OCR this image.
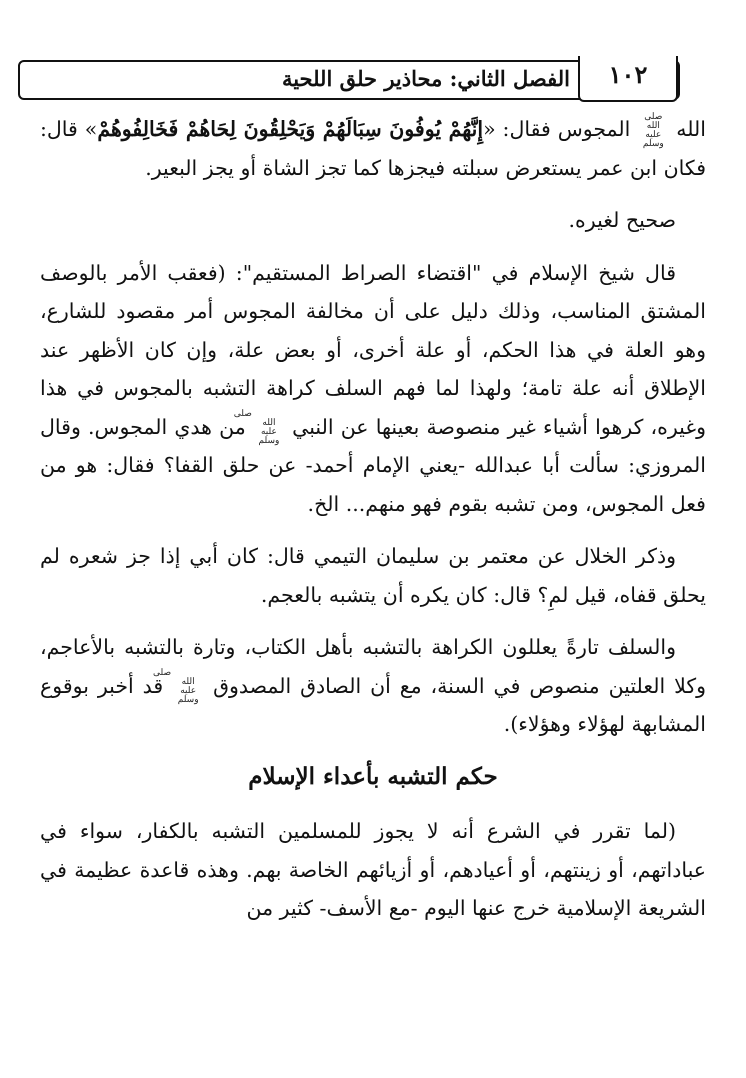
١٠٢
الفصل الثاني: محاذير حلق اللحية

الله صلى الله عليه وسلم المجوس فقال: «إِنَّهُمْ يُوفُونَ سِبَالَهُمْ وَيَحْلِقُونَ لِحَاهُمْ فَخَالِفُوهُمْ» قال: فكان ابن عمر يستعرض سبلته فيجزها كما تجز الشاة أو يجز البعير.

صحيح لغيره.

قال شيخ الإسلام في "اقتضاء الصراط المستقيم": (فعقب الأمر بالوصف المشتق المناسب، وذلك دليل على أن مخالفة المجوس أمر مقصود للشارع، وهو العلة في هذا الحكم، أو علة أخرى، أو بعض علة، وإن كان الأظهر عند الإطلاق أنه علة تامة؛ ولهذا لما فهم السلف كراهة التشبه بالمجوس في هذا وغيره، كرهوا أشياء غير منصوصة بعينها عن النبي صلى الله عليه وسلم من هدي المجوس. وقال المروزي: سألت أبا عبدالله -يعني الإمام أحمد- عن حلق القفا؟ فقال: هو من فعل المجوس، ومن تشبه بقوم فهو منهم... الخ.

وذكر الخلال عن معتمر بن سليمان التيمي قال: كان أبي إذا جز شعره لم يحلق قفاه، قيل لمِ؟ قال: كان يكره أن يتشبه بالعجم.

والسلف تارةً يعللون الكراهة بالتشبه بأهل الكتاب، وتارة بالتشبه بالأعاجم، وكلا العلتين منصوص في السنة، مع أن الصادق المصدوق صلى الله عليه وسلم قد أخبر بوقوع المشابهة لهؤلاء وهؤلاء).

حكم التشبه بأعداء الإسلام

(لما تقرر في الشرع أنه لا يجوز للمسلمين التشبه بالكفار، سواء في عباداتهم، أو زينتهم، أو أعيادهم، أو أزيائهم الخاصة بهم. وهذه قاعدة عظيمة في الشريعة الإسلامية خرج عنها اليوم -مع الأسف- كثير من
